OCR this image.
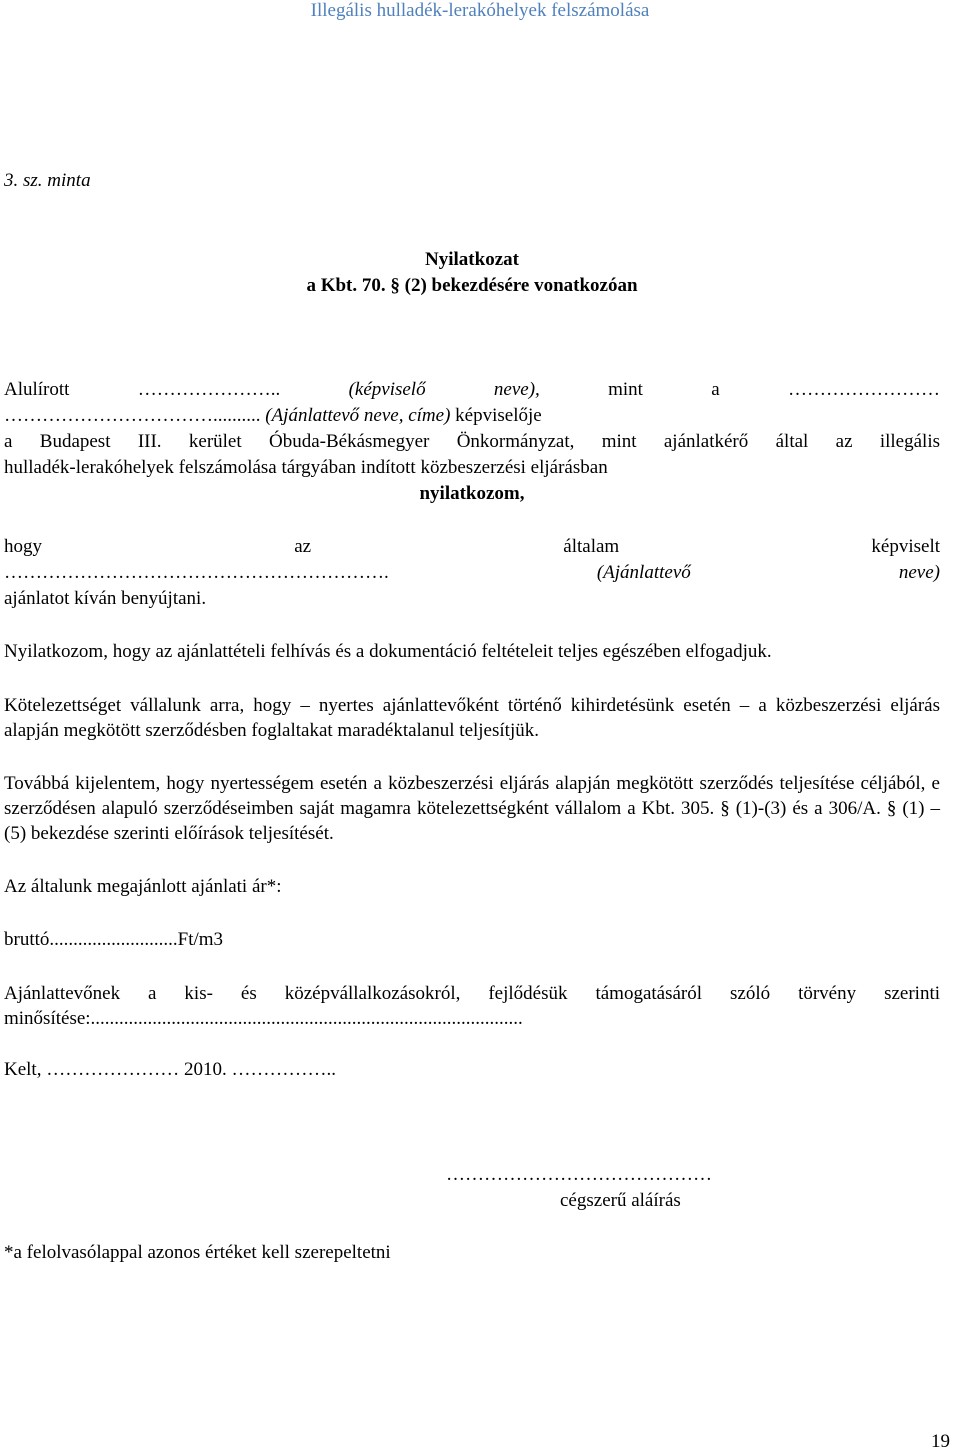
Illegális hulladék-lerakóhelyek felszámolása
3. sz. minta
Nyilatkozat
a Kbt. 70. § (2) bekezdésére vonatkozóan
Alulírott	…………………..	(képviselő	neve),	mint	a	……………………
…………………………….......... (Ajánlattevő neve, címe) képviselője
a Budapest III. kerület Óbuda-Békásmegyer Önkormányzat, mint ajánlatkérő által az illegális
hulladék-lerakóhelyek felszámolása tárgyában indított közbeszerzési eljárásban
nyilatkozom,
hogy	az	általam	képviselt
…………………………………………………….	(Ajánlattevő	neve)
ajánlatot kíván benyújtani.
Nyilatkozom, hogy az ajánlattételi felhívás és a dokumentáció feltételeit teljes egészében elfogadjuk.
Kötelezettséget vállalunk arra, hogy – nyertes ajánlattevőként történő kihirdetésünk esetén – a közbeszerzési eljárás alapján megkötött szerződésben foglaltakat maradéktalanul teljesítjük.
Továbbá kijelentem, hogy nyertességem esetén a közbeszerzési eljárás alapján megkötött szerződés teljesítése céljából, e szerződésen alapuló szerződéseimben saját magamra kötelezettségként vállalom a Kbt. 305. § (1)-(3) és a 306/A. § (1) –(5) bekezdése szerinti előírások teljesítését.
Az általunk megajánlott ajánlati ár*:
bruttó...........................Ft/m3
Ajánlattevőnek a kis- és középvállalkozásokról, fejlődésük támogatásáról szóló törvény szerinti minősítése:...........................................................................................
Kelt, ………………… 2010. ……………..
……………………………………
cégszerű aláírás
*a felolvasólappal azonos értéket kell szerepeltetni
19
